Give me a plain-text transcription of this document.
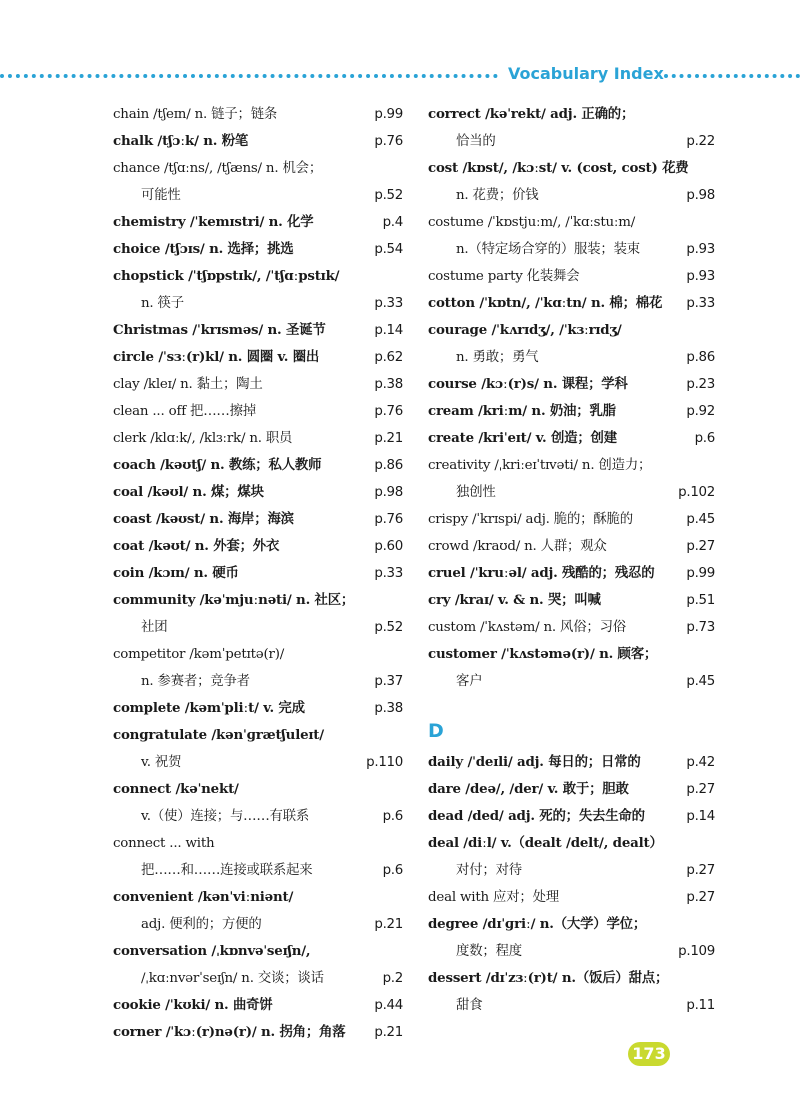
Vocabulary Index
chain /tʃeɪn/ n. 链子；链条	p.99
chalk /tʃɔːk/ n. 粉笔	p.76
chance /tʃɑːns/, /tʃæns/ n. 机会；
可能性	p.52
chemistry /ˈkemɪstri/ n. 化学	p.4
choice /tʃɔɪs/ n. 选择；挑选	p.54
chopstick /ˈtʃɒpstɪk/, /ˈtʃɑːpstɪk/
n. 筷子	p.33
Christmas /ˈkrɪsməs/ n. 圣诞节	p.14
circle /ˈsɜː(r)kl/ n. 圆圈 v. 圈出	p.62
clay /kleɪ/ n. 黏土；陶土	p.38
clean ... off 把……擦掉	p.76
clerk /klɑːk/, /klɜːrk/ n. 职员	p.21
coach /kəʊtʃ/ n. 教练；私人教师	p.86
coal /kəʊl/ n. 煤；煤块	p.98
coast /kəʊst/ n. 海岸；海滨	p.76
coat /kəʊt/ n. 外套；外衣	p.60
coin /kɔɪn/ n. 硬币	p.33
community /kəˈmjuːnəti/ n. 社区；
社团	p.52
competitor /kəmˈpetɪtə(r)/
n. 参赛者；竞争者	p.37
complete /kəmˈpliːt/ v. 完成	p.38
congratulate /kənˈɡrætʃuleɪt/
v. 祝贺	p.110
connect /kəˈnekt/
v.（使）连接；与……有联系	p.6
connect ... with
把……和……连接或联系起来	p.6
convenient /kənˈviːniənt/
adj. 便利的；方便的	p.21
conversation /ˌkɒnvəˈseɪʃn/,
/ˌkɑːnvərˈseɪʃn/ n. 交谈；谈话	p.2
cookie /ˈkʊki/ n. 曲奇饼	p.44
corner /ˈkɔː(r)nə(r)/ n. 拐角；角落 p.21
correct /kəˈrekt/ adj. 正确的；
恰当的	p.22
cost /kɒst/, /kɔːst/ v. (cost, cost) 花费
n. 花费；价钱	p.98
costume /ˈkɒstjuːm/, /ˈkɑːstuːm/
n.（特定场合穿的）服装；装束	p.93
costume party 化装舞会	p.93
cotton /ˈkɒtn/, /ˈkɑːtn/ n. 棉；棉花 p.33
courage /ˈkʌrɪdʒ/, /ˈkɜːrɪdʒ/
n. 勇敢；勇气	p.86
course /kɔː(r)s/ n. 课程；学科	p.23
cream /kriːm/ n. 奶油；乳脂	p.92
create /kriˈeɪt/ v. 创造；创建	p.6
creativity /ˌkriːeɪˈtɪvəti/ n. 创造力；
独创性	p.102
crispy /ˈkrɪspi/ adj. 脆的；酥脆的	p.45
crowd /kraʊd/ n. 人群；观众	p.27
cruel /ˈkruːəl/ adj. 残酷的；残忍的 p.99
cry /kraɪ/ v. & n. 哭；叫喊	p.51
custom /ˈkʌstəm/ n. 风俗；习俗	p.73
customer /ˈkʌstəmə(r)/ n. 顾客；
客户	p.45
D
daily /ˈdeɪli/ adj. 每日的；日常的	p.42
dare /deə/, /der/ v. 敢于；胆敢	p.27
dead /ded/ adj. 死的；失去生命的	p.14
deal /diːl/ v.（dealt /delt/, dealt）
对付；对待	p.27
deal with 应对；处理	p.27
degree /dɪˈɡriː/ n.（大学）学位；
度数；程度	p.109
dessert /dɪˈzɜː(r)t/ n.（饭后）甜点；
甜食	p.11
173
